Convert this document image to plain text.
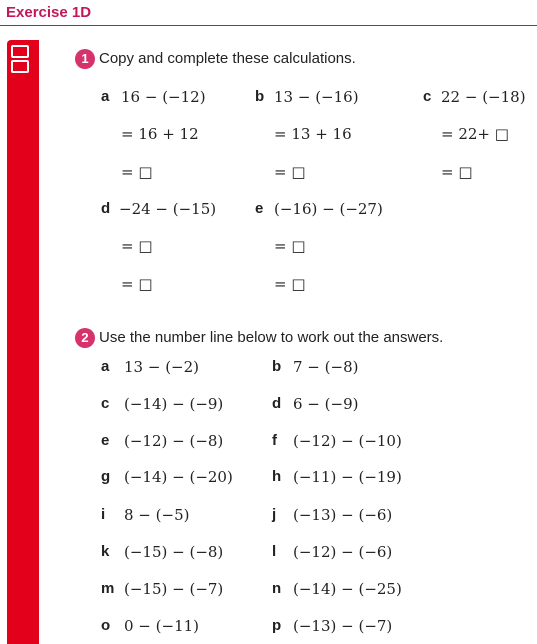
Exercise 1D
1 Copy and complete these calculations.
a 16 − (−12)
= 16 + 12
= □
b 13 − (−16)
= 13 + 16
= □
c 22 − (−18)
= 22+ □
= □
d −24 − (−15)
= □
= □
e (−16) − (−27)
= □
= □
2 Use the number line below to work out the answers.
a 13 − (−2)	b 7 − (−8)
c (−14) − (−9)	d 6 − (−9)
e (−12) − (−8)	f (−12) − (−10)
g (−14) − (−20)	h (−11) − (−19)
i 8 − (−5)	j (−13) − (−6)
k (−15) − (−8)	l (−12) − (−6)
m (−15) − (−7)	n (−14) − (−25)
o 0 − (−11)	p (−13) − (−7)
